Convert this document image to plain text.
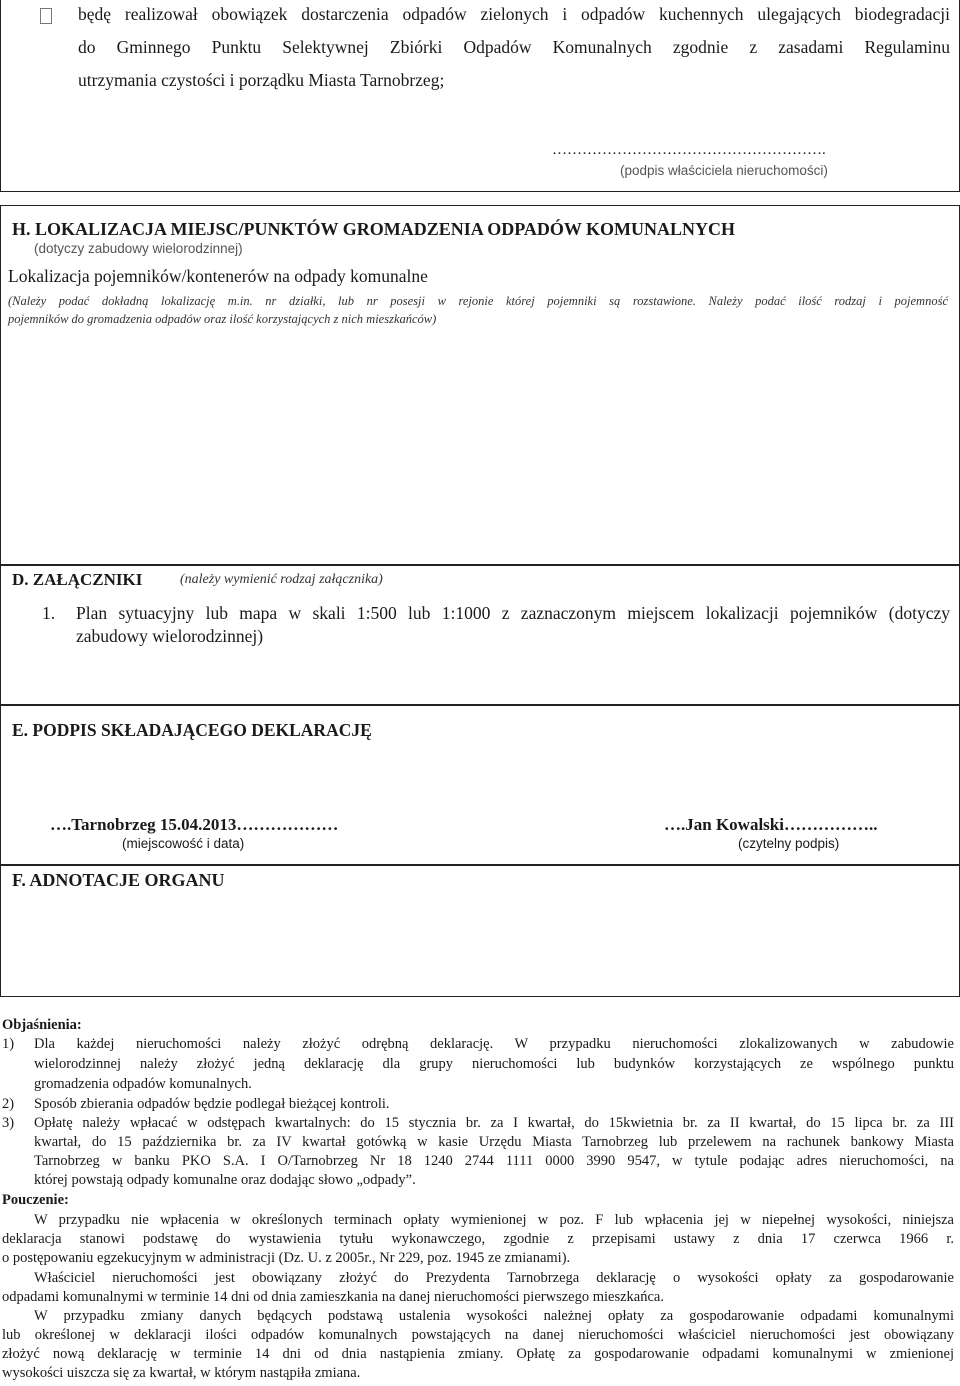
będę realizował obowiązek dostarczenia odpadów zielonych i odpadów kuchennych ulegających biodegradacji
do Gminnego Punktu Selektywnej Zbiórki Odpadów Komunalnych zgodnie z zasadami Regulaminu
utrzymania czystości i porządku Miasta Tarnobrzeg;
……………………………………………….
(podpis właściciela nieruchomości)
H. LOKALIZACJA MIEJSC/PUNKTÓW GROMADZENIA ODPADÓW KOMUNALNYCH
(dotyczy zabudowy wielorodzinnej)
Lokalizacja pojemników/kontenerów na odpady komunalne
(Należy podać dokładną lokalizację m.in. nr działki, lub nr posesji w rejonie której pojemniki są rozstawione. Należy podać ilość rodzaj i pojemność
pojemników do gromadzenia odpadów oraz ilość korzystających z nich mieszkańców)
D. ZAŁĄCZNIKI	(należy wymienić rodzaj załącznika)
1. Plan sytuacyjny lub mapa w skali 1:500 lub 1:1000 z zaznaczonym miejscem lokalizacji pojemników (dotyczy
zabudowy wielorodzinnej)
E. PODPIS SKŁADAJĄCEGO DEKLARACJĘ
….Tarnobrzeg 15.04.2013………………
(miejscowość i data)
….Jan Kowalski……………..
(czytelny podpis)
F. ADNOTACJE ORGANU
Objaśnienia:
1) Dla każdej nieruchomości należy złożyć odrębną deklarację. W przypadku nieruchomości zlokalizowanych w zabudowie
wielorodzinnej należy złożyć jedną deklarację dla grupy nieruchomości lub budynków korzystających ze wspólnego punktu
gromadzenia odpadów komunalnych.
2) Sposób zbierania odpadów będzie podlegał bieżącej kontroli.
3) Opłatę należy wpłacać w odstępach kwartalnych: do 15 stycznia br. za I kwartał, do 15kwietnia br. za II kwartał, do 15 lipca br. za III
kwartał, do 15 października br. za IV kwartał gotówką w kasie Urzędu Miasta Tarnobrzeg lub przelewem na rachunek bankowy Miasta
Tarnobrzeg w banku PKO S.A. I O/Tarnobrzeg Nr 18 1240 2744 1111 0000 3990 9547, w tytule podając adres nieruchomości, na
której powstają odpady komunalne oraz dodając słowo „odpady”.
Pouczenie:
W przypadku nie wpłacenia w określonych terminach opłaty wymienionej w poz. F lub wpłacenia jej w niepełnej wysokości, niniejsza
deklaracja stanowi podstawę do wystawienia tytułu wykonawczego, zgodnie z przepisami ustawy z dnia 17 czerwca 1966 r.
o postępowaniu egzekucyjnym w administracji (Dz. U. z 2005r., Nr 229, poz. 1945 ze zmianami).
Właściciel nieruchomości jest obowiązany złożyć do Prezydenta Tarnobrzega deklarację o wysokości opłaty za gospodarowanie
odpadami komunalnymi w terminie 14 dni od dnia zamieszkania na danej nieruchomości pierwszego mieszkańca.
W przypadku zmiany danych będących podstawą ustalenia wysokości należnej opłaty za gospodarowanie odpadami komunalnymi
lub określonej w deklaracji ilości odpadów komunalnych powstających na danej nieruchomości właściciel nieruchomości jest obowiązany
złożyć nową deklarację w terminie 14 dni od dnia nastąpienia zmiany. Opłatę za gospodarowanie odpadami komunalnymi w zmienionej
wysokości uiszcza się za kwartał, w którym nastąpiła zmiana.
